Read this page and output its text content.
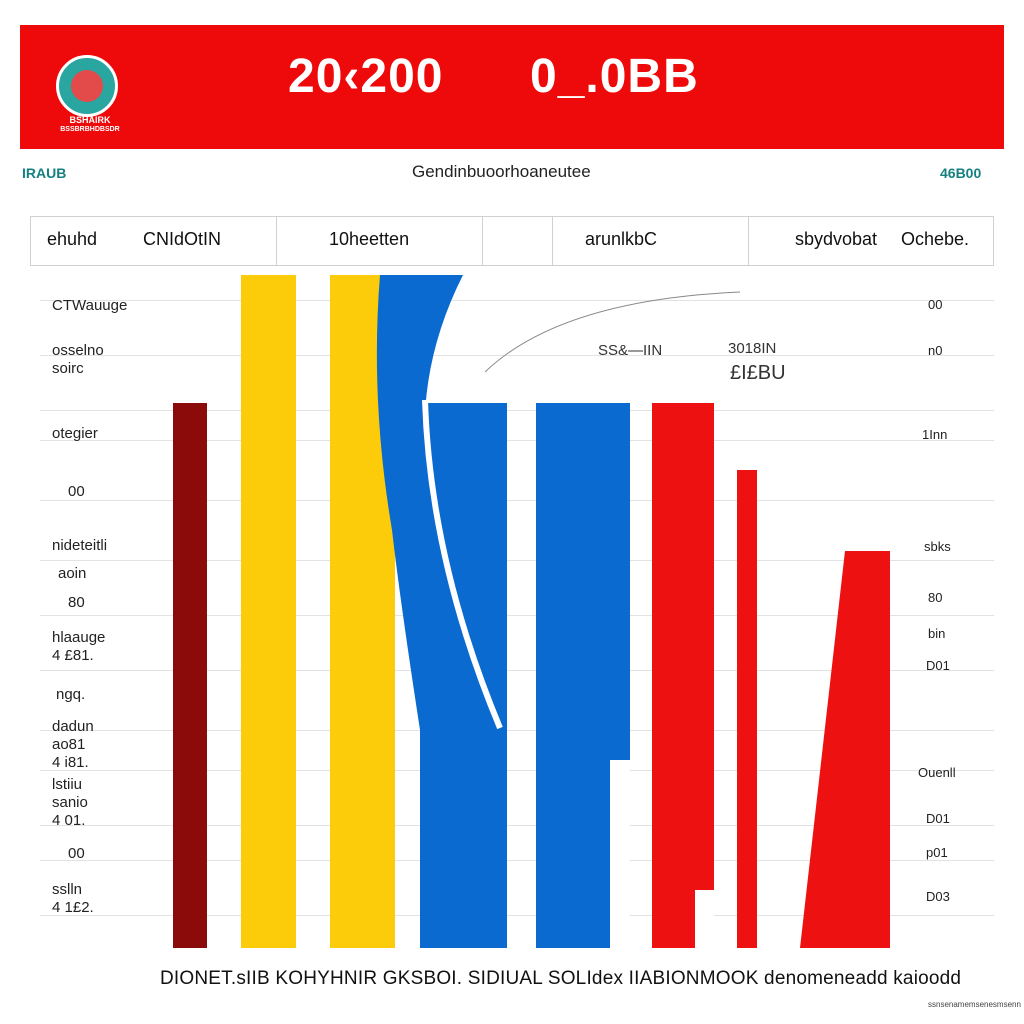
BSHAIRK
BSSBRBHDBSDR
20‹200 0_.0BB
IRAUB	Gendinbuoorhoaneutee	46B00
ehuhd	CNIdOtIN	10heetten	arunlkbC	sbydvobat Ochebe.
CTWauuge
osselno
soirc
otegier
00
nideteitli
aoin
80
hlaauge
4 £81.
ngq.
dadun
ao81
4 i81.
lstiiu
sanio
4 01.
00
sslln
4 1£2.
00
n0
1Inn
sbks
80
bin
D01
Ouenll
D01
p01
D03
SS&—IIN	3018IN
£I£BU
DIONET.sIIB KOHYHNIR GKSBOI. SIDIUAL SOLIdex IIABIONMOOK denomeneadd kaioodd
ssnsenamemsenesmsenn
